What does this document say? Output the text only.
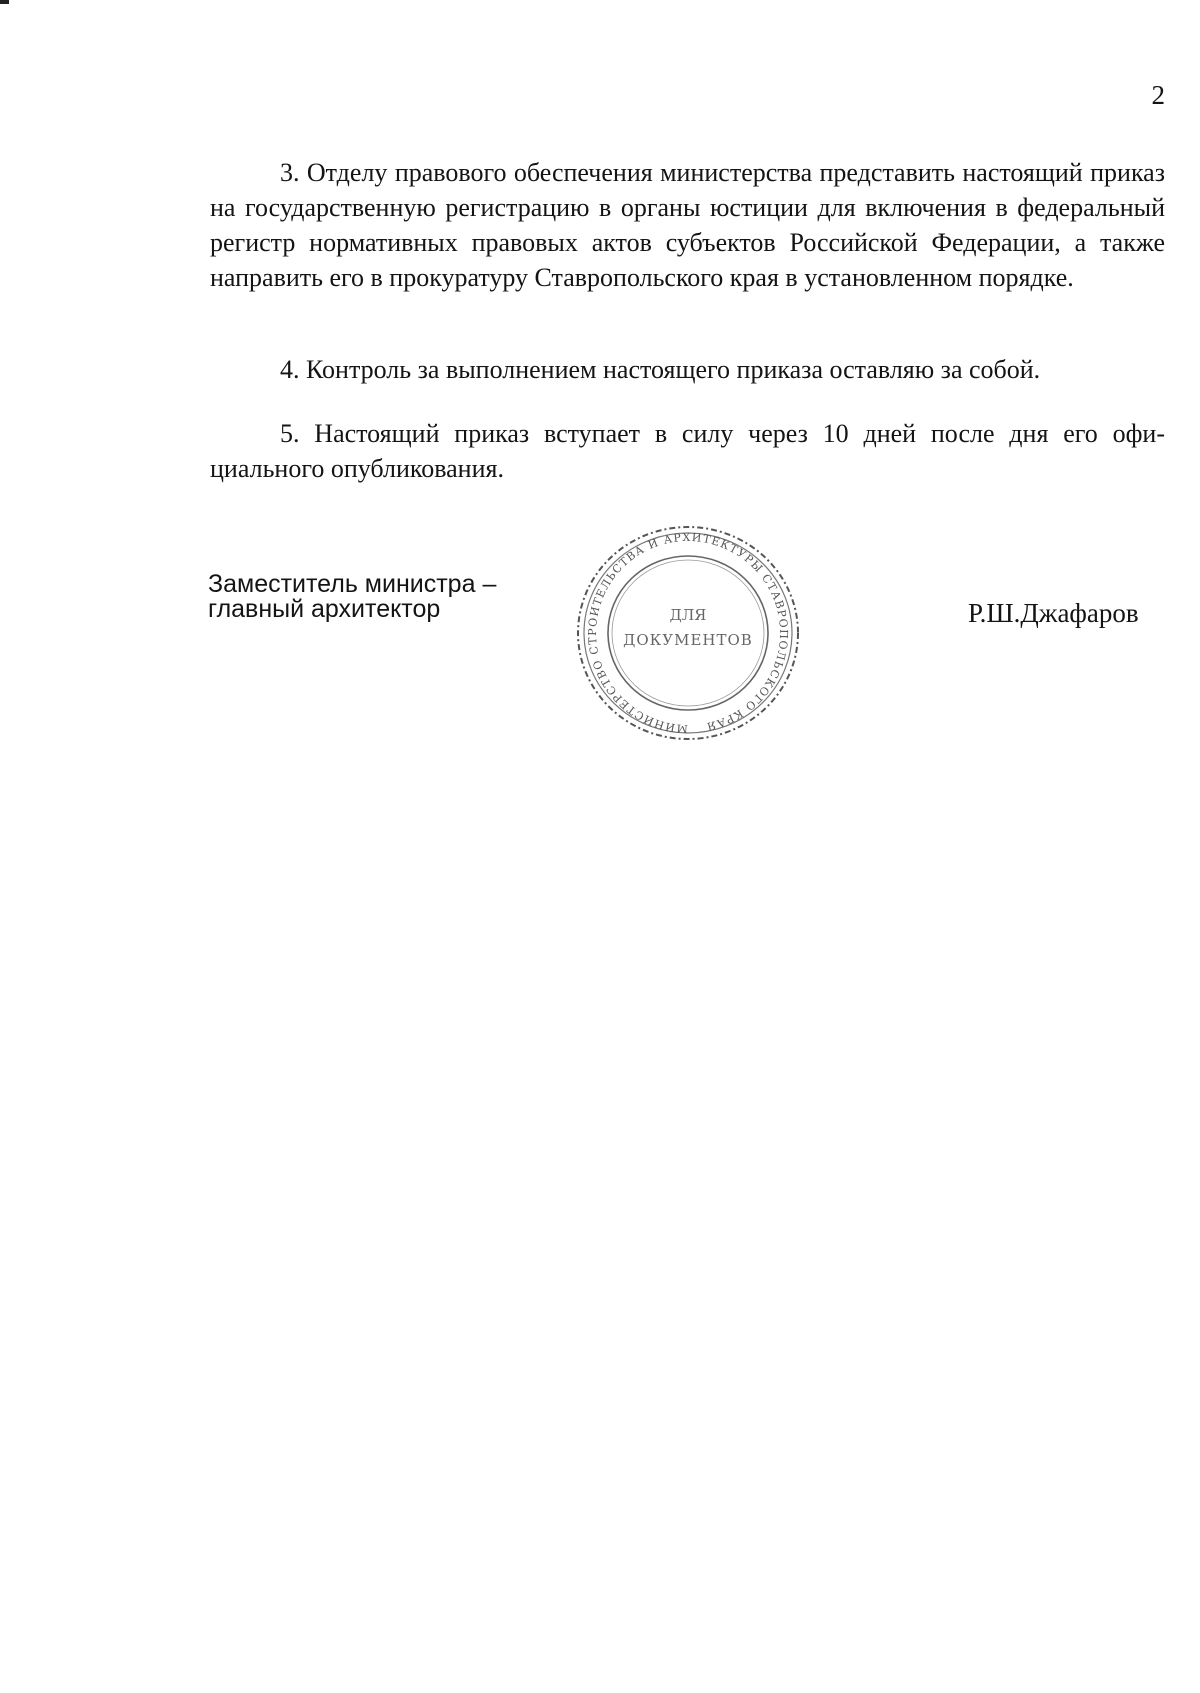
2

3. Отделу правового обеспечения министерства представить настоящий приказ на государственную регистрацию в органы юстиции для включения в федеральный регистр нормативных правовых актов субъектов Российской Федерации, а также направить его в прокуратуру Ставропольского края в установленном порядке.

4. Контроль за выполнением настоящего приказа оставляю за собой.

5. Настоящий приказ вступает в силу через 10 дней после дня его официального опубликования.

Заместитель министра –
главный архитектор
МИНИСТЕРСТВО СТРОИТЕЛЬСТВА И АРХИТЕКТУРЫ СТАВРОПОЛЬСКОГО КРАЯ
ДЛЯ
ДОКУМЕНТОВ
Р.Ш.Джафаров
